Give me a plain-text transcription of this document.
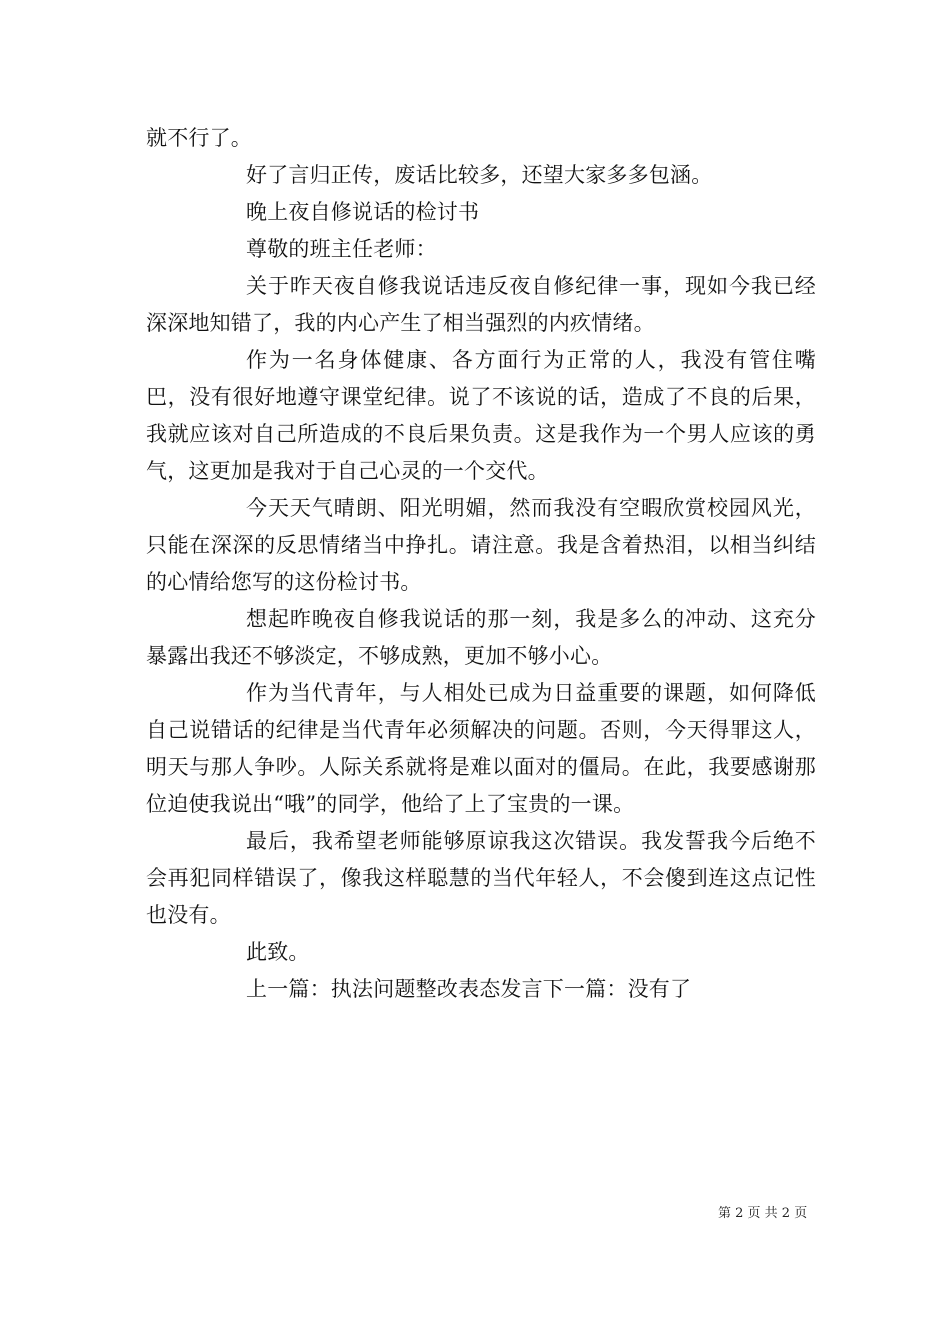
就不行了。

好了言归正传，废话比较多，还望大家多多包涵。

晚上夜自修说话的检讨书

尊敬的班主任老师：

关于昨天夜自修我说话违反夜自修纪律一事，现如今我已经深深地知错了，我的内心产生了相当强烈的内疚情绪。

作为一名身体健康、各方面行为正常的人，我没有管住嘴巴，没有很好地遵守课堂纪律。说了不该说的话，造成了不良的后果，我就应该对自己所造成的不良后果负责。这是我作为一个男人应该的勇气，这更加是我对于自己心灵的一个交代。

今天天气晴朗、阳光明媚，然而我没有空暇欣赏校园风光，只能在深深的反思情绪当中挣扎。请注意。我是含着热泪，以相当纠结的心情给您写的这份检讨书。

想起昨晚夜自修我说话的那一刻，我是多么的冲动、这充分暴露出我还不够淡定，不够成熟，更加不够小心。

作为当代青年，与人相处已成为日益重要的课题，如何降低自己说错话的纪律是当代青年必须解决的问题。否则，今天得罪这人，明天与那人争吵。人际关系就将是难以面对的僵局。在此，我要感谢那位迫使我说出“哦”的同学，他给了上了宝贵的一课。

最后，我希望老师能够原谅我这次错误。我发誓我今后绝不会再犯同样错误了，像我这样聪慧的当代年轻人，不会傻到连这点记性也没有。

此致。

上一篇：执法问题整改表态发言下一篇：没有了

第 2 页 共 2 页
